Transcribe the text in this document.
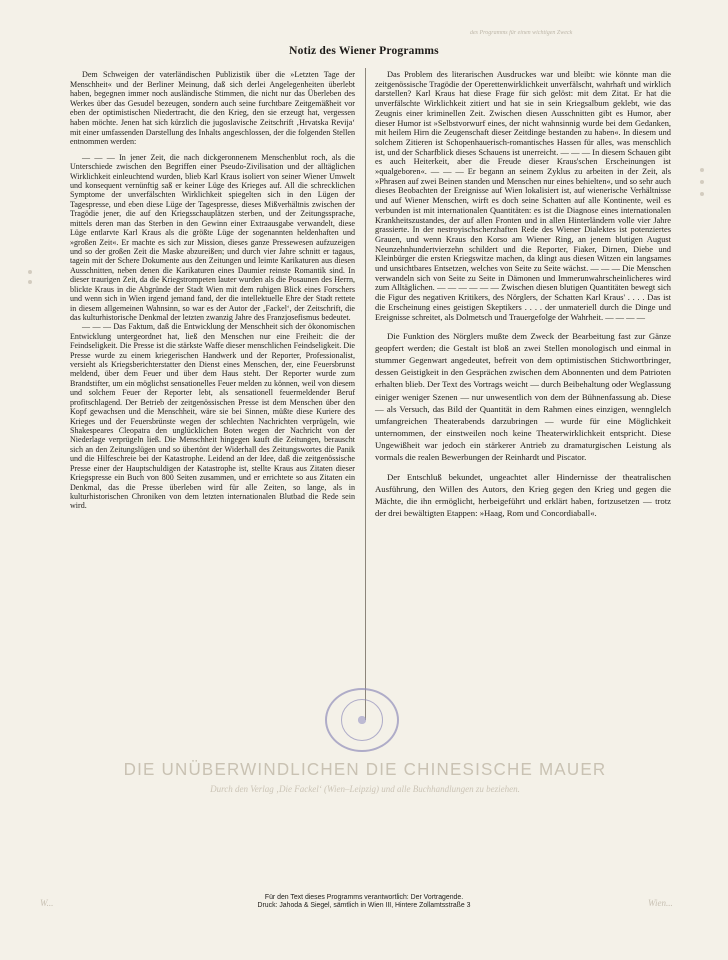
des Programms für einen wichtigen Zweck
Notiz des Wiener Programms

Dem Schweigen der vaterländischen Publizistik über die »Letzten Tage der Menschheit« und der Berliner Meinung, daß sich derlei Angelegenheiten überlebt haben, begegnen immer noch ausländische Stimmen, die nicht nur das Überleben des Werkes über das Gesudel bezeugen, sondern auch seine furchtbare Zeitgemäßheit vor eben der optimistischen Niedertracht, die den Krieg, den sie erzeugt hat, vergessen haben möchte. Jenen hat sich kürzlich die jugoslavische Zeitschrift ‚Hrvatska Revija‘ mit einer umfassenden Darstellung des Inhalts angeschlossen, der die folgenden Stellen entnommen werden:

— — — In jener Zeit, die nach dickgeronnenem Menschenblut roch, als die Unterschiede zwischen den Begriffen einer Pseudo-Zivilisation und der alltäglichen Wirklichkeit einleuchtend wurden, blieb Karl Kraus isoliert von seiner Wiener Umwelt und konsequent vernünftig saß er keiner Lüge des Krieges auf. All die schrecklichen Symptome der unverfälschten Wirklichkeit spiegelten sich in den Lügen der Tagespresse, und eben diese Lüge der Tagespresse, dieses Mißverhältnis zwischen der Tragödie jener, die auf den Kriegsschauplätzen sterben, und der Zeitungssprache, mittels deren man das Sterben in den Gewinn einer Extraausgabe verwandelt, diese Lüge entlarvte Karl Kraus als die größte Lüge der sogenannten heldenhaften und »großen Zeit«. Er machte es sich zur Mission, dieses ganze Pressewesen aufzuzeigen und so der großen Zeit die Maske abzureißen; und durch vier Jahre schnitt er tagaus, tagein mit der Schere Dokumente aus den Zeitungen und leimte Karikaturen aus diesen Ausschnitten, neben denen die Karikaturen eines Daumier reinste Romantik sind. In dieser traurigen Zeit, da die Kriegstrompeten lauter wurden als die Posaunen des Herrn, blickte Kraus in die Abgründe der Stadt Wien mit dem ruhigen Blick eines Forschers und wenn sich in Wien irgend jemand fand, der die intellektuelle Ehre der Stadt rettete in diesem allgemeinen Wahnsinn, so war es der Autor der ‚Fackel‘, der Zeitschrift, die das kulturhistorische Denkmal der letzten zwanzig Jahre des Franzjosefismus bedeutet.

— — — Das Faktum, daß die Entwicklung der Menschheit sich der ökonomischen Entwicklung untergeordnet hat, ließ den Menschen nur eine Freiheit: die der Feindseligkeit. Die Presse ist die stärkste Waffe dieser menschlichen Feindseligkeit. Die Presse wurde zu einem kriegerischen Handwerk und der Reporter, Professionalist, versieht als Kriegsberichterstatter den Dienst eines Menschen, der, eine Feuersbrunst meldend, über dem Feuer und über dem Haus steht. Der Reporter wurde zum Brandstifter, um ein möglichst sensationelles Feuer melden zu können, weil von diesem und solchem Feuer der Reporter lebt, als sensationell feuermeldender Beruf profitschlagend. Der Betrieb der zeitgenössischen Presse ist dem Menschen über den Kopf gewachsen und die Menschheit, wäre sie bei Sinnen, müßte diese Kuriere des Krieges und der Feuersbrünste wegen der schlechten Nachrichten verprügeln, wie Shakespeares Cleopatra den unglücklichen Boten wegen der Nachricht von der Niederlage verprügeln ließ. Die Menschheit hingegen kauft die Zeitungen, berauscht sich an den Zeitungslügen und so übertönt der Widerhall des Zeitungswortes die Panik und die Hilfeschreie bei der Katastrophe. Leidend an der Idee, daß die zeitgenössische Presse einer der Hauptschuldigen der Katastrophe ist, stellte Kraus aus Zitaten dieser Kriegspresse ein Buch von 800 Seiten zusammen, und er errichtete so aus Zitaten ein Denkmal, das die Presse überleben wird für alle Zeiten, so lange, als in kulturhistorischen Chroniken von dem letzten internationalen Blutbad die Rede sein wird.

Das Problem des literarischen Ausdruckes war und bleibt: wie könnte man die zeitgenössische Tragödie der Operettenwirklichkeit unverfälscht, wahrhaft und wirklich darstellen? Karl Kraus hat diese Frage für sich gelöst: mit dem Zitat. Er hat die unverfälschte Wirklichkeit zitiert und hat sie in sein Kriegsalbum geklebt, wie das Zeugnis einer kriminellen Zeit. Zwischen diesen Ausschnitten gibt es Humor, aber dieser Humor ist »Selbstvorwurf eines, der nicht wahnsinnig wurde bei dem Gedanken, mit heilem Hirn die Zeugenschaft dieser Zeitdinge bestanden zu haben«. In diesem und solchem Zitieren ist Schopenhauerisch-romantisches Hassen für alles, was menschlich ist, und der Scharfblick dieses Schauens ist unerreicht. — — — In diesem Schauen gibt es auch Heiterkeit, aber die Freude dieser Kraus'schen Erscheinungen ist »qualgeboren«. — — — Er begann an seinem Zyklus zu arbeiten in der Zeit, als »Phrasen auf zwei Beinen standen und Menschen nur eines behielten«, und so sehr auch dieses Beobachten der Ereignisse auf Wien lokalisiert ist, auf wienerische Verhältnisse und auf Wiener Menschen, wirft es doch seine Schatten auf alle Kontinente, weil es verbunden ist mit internationalen Quantitäten: es ist die Diagnose eines internationalen Krankheitszustandes, der auf allen Fronten und in allen Hinterländern volle vier Jahre grassierte. In der nestroyischscherzhaften Rede des Wiener Dialektes ist potenziertes Grauen, und wenn Kraus den Korso am Wiener Ring, an jenem blutigen August Neunzehnhundertvierzehn schildert und die Reporter, Fiaker, Dirnen, Diebe und Kleinbürger die ersten Kriegswitze machen, da klingt aus diesen Witzen ein langsames und unsichtbares Entsetzen, welches von Seite zu Seite wächst. — — — Die Menschen verwandeln sich von Seite zu Seite in Dämonen und Immerunwahrscheinlicheres wird zum Alltäglichen. — — — — — — Zwischen diesen blutigen Quantitäten bewegt sich die Figur des negativen Kritikers, des Nörglers, der Schatten Karl Kraus' . . . . Das ist die Erscheinung eines geistigen Skeptikers . . . . der unmateriell durch die Dinge und Ereignisse schreitet, als Dolmetsch und Trauergefolge der Wahrheit. — — — —

Die Funktion des Nörglers mußte dem Zweck der Bearbeitung fast zur Gänze geopfert werden; die Gestalt ist bloß an zwei Stellen monologisch und einmal in stummer Gegenwart angedeutet, befreit von dem optimistischen Stichwortbringer, dessen Geistigkeit in den Gesprächen zwischen dem Abonnenten und dem Patrioten erhalten blieb. Der Text des Vortrags weicht — durch Beibehaltung oder Weglassung einiger weniger Szenen — nur unwesentlich von dem der Bühnenfassung ab. Diese — als Versuch, das Bild der Quantität in dem Rahmen eines einzigen, wennglelch umfangreichen Theaterabends darzubringen — wurde für eine Möglichkeit unternommen, der einstweilen noch keine Theaterwirklichkeit entspricht. Diese Ungewißheit war jedoch ein stärkerer Antrieb zu dramaturgischen Leistung als vormals die realen Bewerbungen der Reinhardt und Piscator.

Der Entschluß bekundet, ungeachtet aller Hindernisse der theatralischen Ausführung, den Willen des Autors, den Krieg gegen den Krieg und gegen die Mächte, die ihn ermöglicht, herbeigeführt und erklärt haben, fortzusetzen — trotz der drei bewältigten Etappen: »Haag, Rom und Concordiaball«.

DIE UNÜBERWINDLICHEN DIE CHINESISCHE MAUER
Durch den Verlag ‚Die Fackel‘ (Wien–Leipzig) und alle Buchhandlungen zu beziehen.
W...	Wien...
Für den Text dieses Programms verantwortlich: Der Vortragende.
Druck: Jahoda & Siegel, sämtlich in Wien III, Hintere Zollamtsstraße 3
